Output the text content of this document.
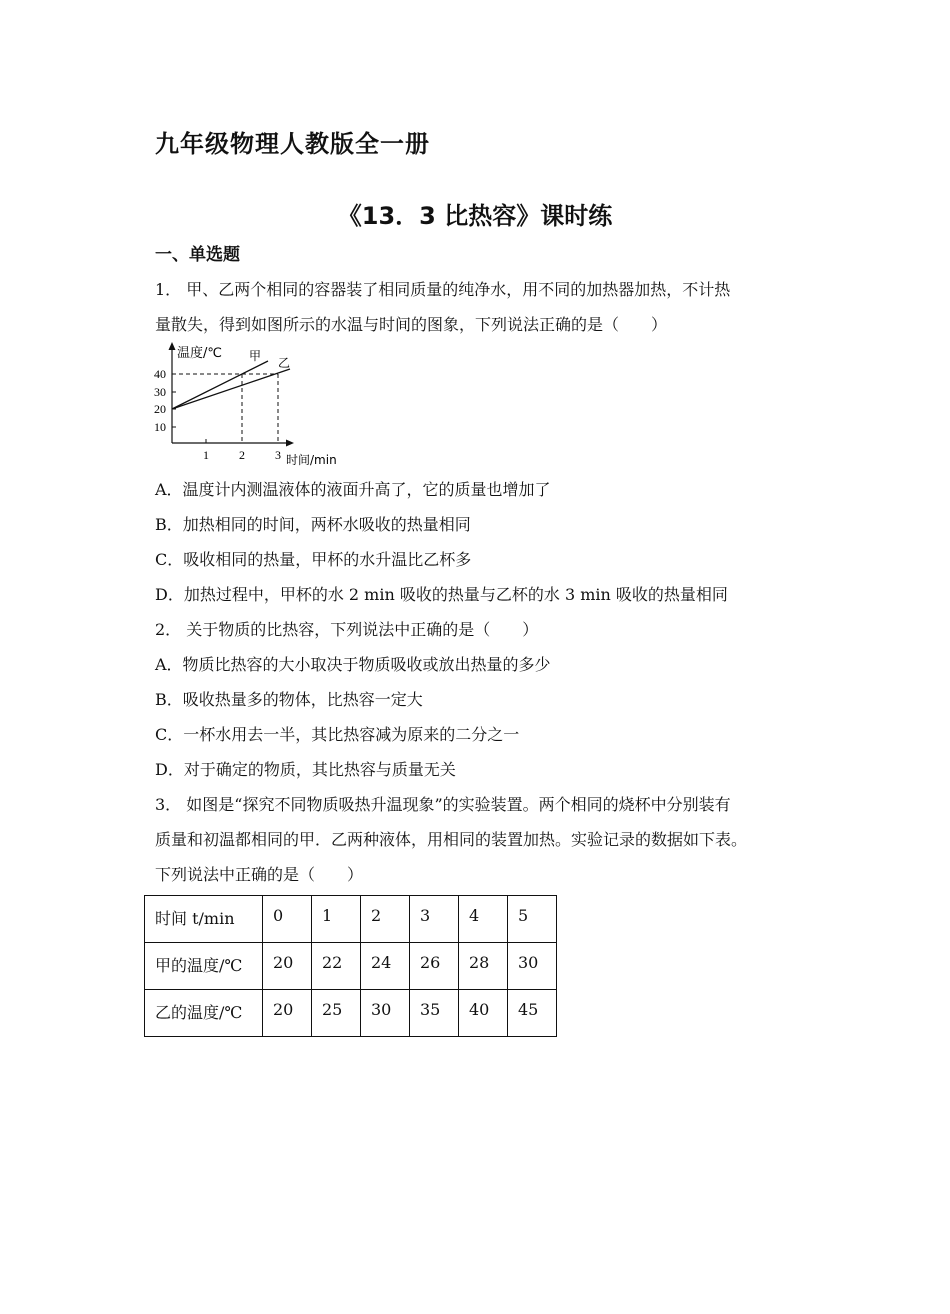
九年级物理人教版全一册
《13．3 比热容》课时练
一、单选题
1． 甲、乙两个相同的容器装了相同质量的纯净水，用不同的加热器加热，不计热
量散失，得到如图所示的水温与时间的图象，下列说法正确的是（　　）
40
30
20
10
1	2	3
温度/℃ 甲 乙
时间/min
A．温度计内测温液体的液面升高了，它的质量也增加了
B．加热相同的时间，两杯水吸收的热量相同
C．吸收相同的热量，甲杯的水升温比乙杯多
D．加热过程中，甲杯的水 2 min 吸收的热量与乙杯的水 3 min 吸收的热量相同
2． 关于物质的比热容，下列说法中正确的是（　　）
A．物质比热容的大小取决于物质吸收或放出热量的多少
B．吸收热量多的物体，比热容一定大
C．一杯水用去一半，其比热容减为原来的二分之一
D．对于确定的物质，其比热容与质量无关
3． 如图是“探究不同物质吸热升温现象”的实验装置。两个相同的烧杯中分别装有
质量和初温都相同的甲．乙两种液体，用相同的装置加热。实验记录的数据如下表。
下列说法中正确的是（　　）
时间 t/min	0	1	2	3	4	5
甲的温度/℃	20	22	24	26	28	30
乙的温度/℃	20	25	30	35	40	45
